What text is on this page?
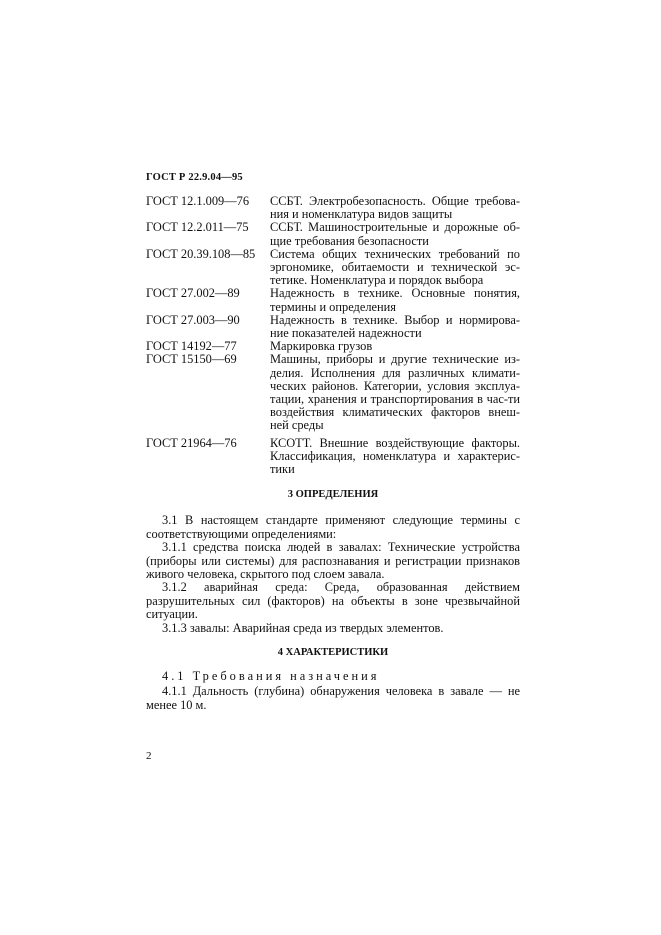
ГОСТ Р 22.9.04—95
ГОСТ 12.1.009—76	ССБТ. Электробезопасность. Общие требова-ния и номенклатура видов защиты
ГОСТ 12.2.011—75	ССБТ. Машиностроительные и дорожные об-щие требования безопасности
ГОСТ 20.39.108—85	Система общих технических требований по эргономике, обитаемости и технической эс-тетике. Номенклатура и порядок выбора
ГОСТ 27.002—89	Надежность в технике. Основные понятия, термины и определения
ГОСТ 27.003—90	Надежность в технике. Выбор и нормирова-ние показателей надежности
ГОСТ 14192—77	Маркировка грузов
ГОСТ 15150—69	Машины, приборы и другие технические из-делия. Исполнения для различных климати-ческих районов. Категории, условия эксплуа-тации, хранения и транспортирования в час-ти воздействия климатических факторов внеш-ней среды
ГОСТ 21964—76	КСОТТ. Внешние воздействующие факторы. Классификация, номенклатура и характерис-тики
3 ОПРЕДЕЛЕНИЯ
3.1 В настоящем стандарте применяют следующие термины с соответствующими определениями:
3.1.1 средства поиска людей в завалах: Технические устройства (приборы или системы) для распознавания и регистрации признаков живого человека, скрытого под слоем завала.
3.1.2 аварийная среда: Среда, образованная действием разрушительных сил (факторов) на объекты в зоне чрезвычайной ситуации.
3.1.3 завалы: Аварийная среда из твердых элементов.
4 ХАРАКТЕРИСТИКИ
4.1 Требования назначения
4.1.1 Дальность (глубина) обнаружения человека в завале — не менее 10 м.
2
